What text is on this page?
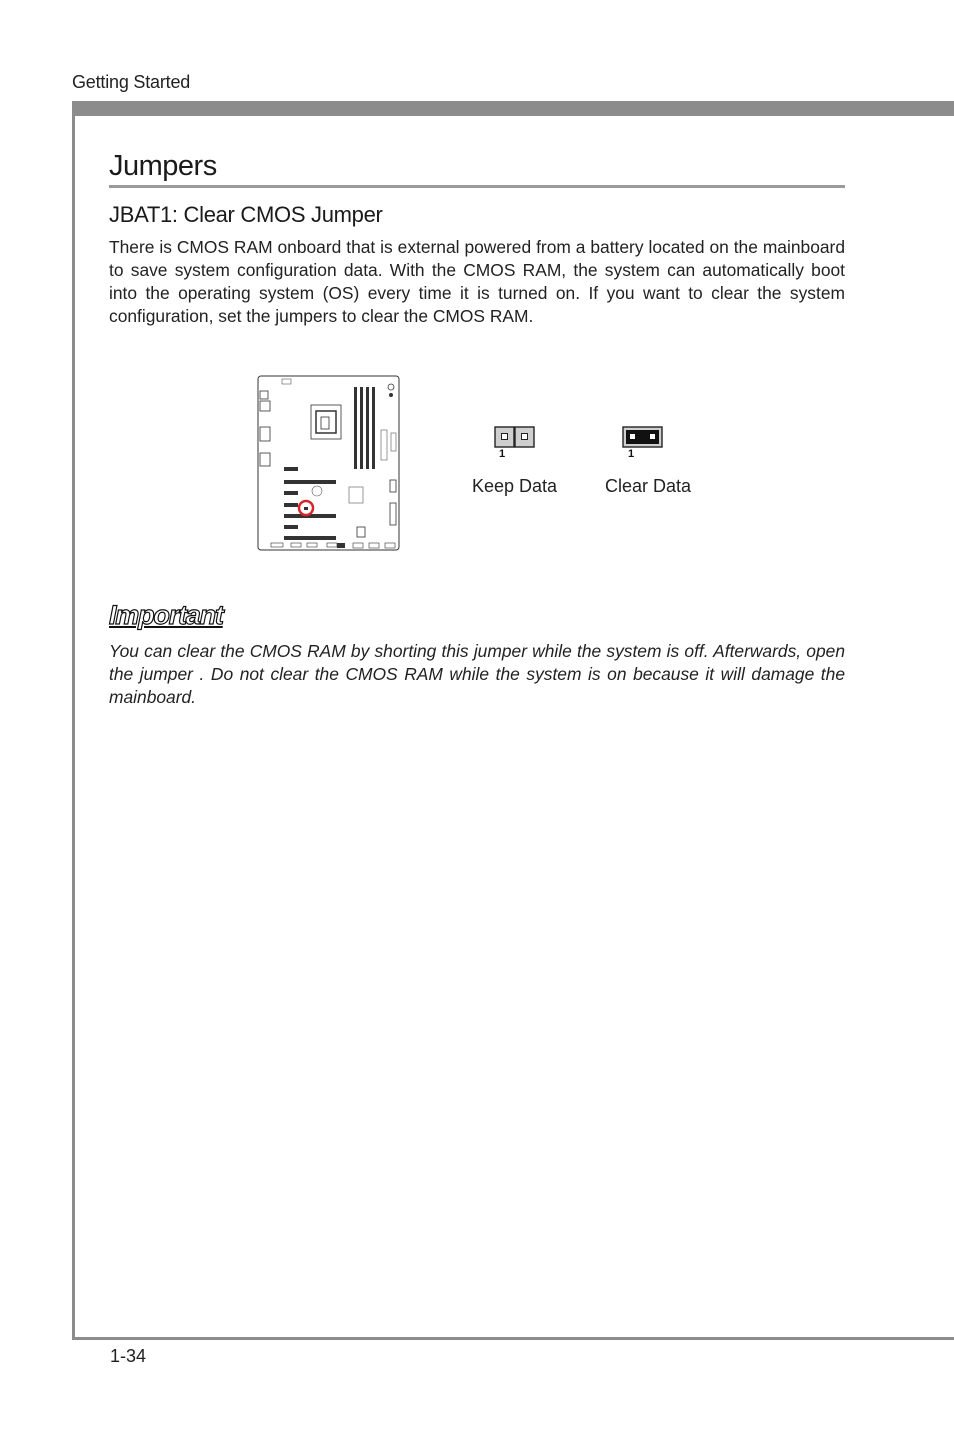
Getting Started
Jumpers
JBAT1: Clear CMOS Jumper

There is CMOS RAM onboard that is external powered from a battery located on the mainboard to save system configuration data. With the CMOS RAM, the system can automatically boot into the operating system (OS) every time it is turned on. If you want to clear the system configuration, set the jumpers to clear the CMOS RAM.

1
Keep Data
1
Clear Data
Important

You can clear the CMOS RAM by shorting this jumper while the system is off. Afterwards, open the jumper . Do not clear the CMOS RAM while the system is on because it will damage the mainboard.

1-34
